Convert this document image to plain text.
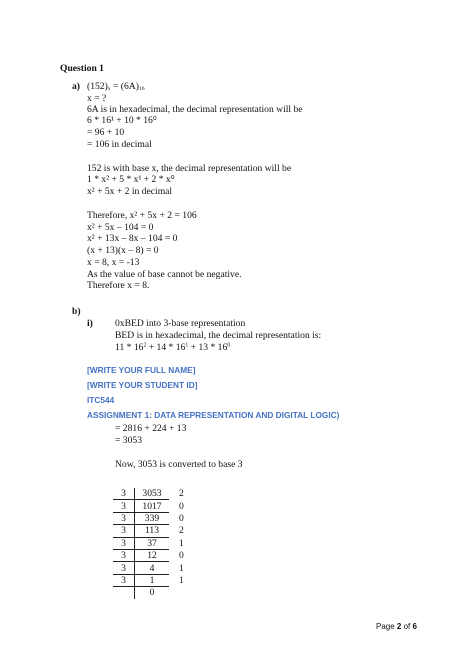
Question 1
a) $(152)_x = (6A)_{16}$
x = ?
6A is in hexadecimal, the decimal representation will be
6 * 16¹ + 10 * 16⁰
= 96 + 10
= 106 in decimal
152 is with base x, the decimal representation will be
1 * x² + 5 * x¹ + 2 * x⁰
x² + 5x + 2 in decimal
Therefore, x² + 5x + 2 = 106
x² + 5x – 104 = 0
x² + 13x – 8x – 104 = 0
(x + 13)(x – 8) = 0
x = 8, x = -13
As the value of base cannot be negative.
Therefore x = 8.
b)
i) 0xBED into 3-base representation
BED is in hexadecimal, the decimal representation is:
$11 * 16^2 + 14 * 16^1 + 13 * 16^0$
[WRITE YOUR FULL NAME]
[WRITE YOUR STUDENT ID]
ITC544
ASSIGNMENT 1: DATA REPRESENTATION AND DIGITAL LOGIC)
= 2816 + 224 + 13
= 3053
Now, 3053 is converted to base 3
3	3053	2
3	1017	0
3	339	0
3	113	2
3	37	1
3	12	0
3	4	1
3	1	1
	0	
Page 2 of 6
